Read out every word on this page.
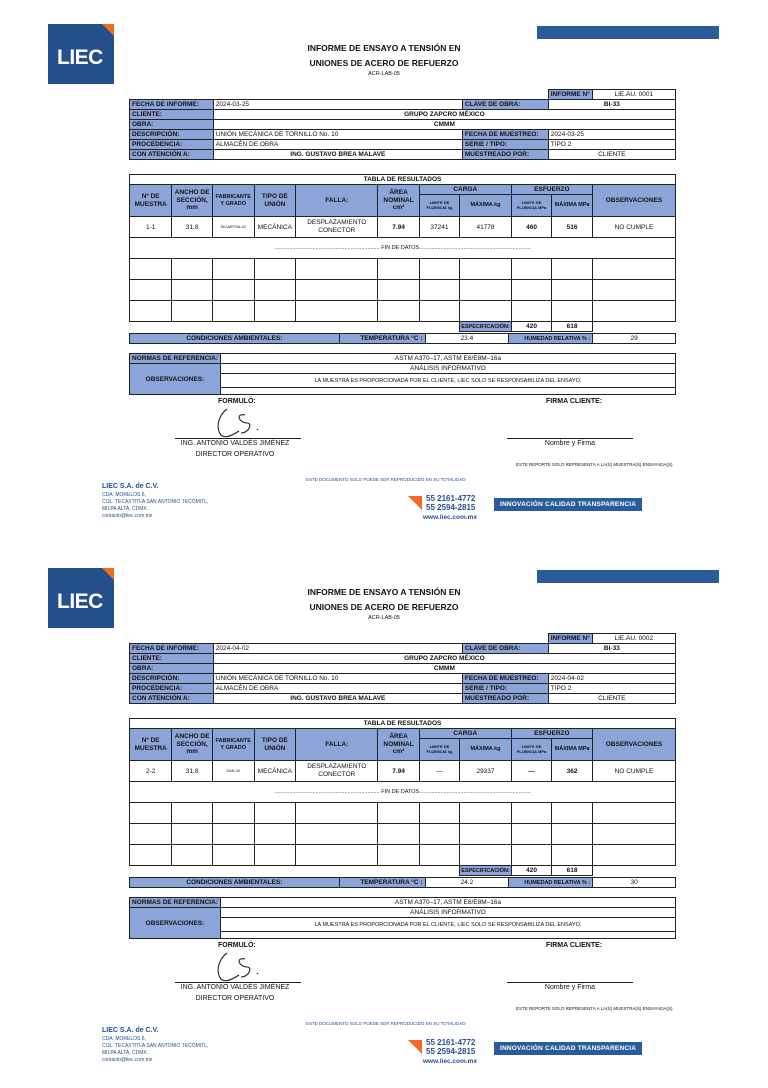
LIEC	INFORME DE ENSAYO A TENSIÓN EN
UNIONES DE ACERO DE REFUERZO
ACR-LAB-05
			INFORME Nº	LIE.AU. 0001
FECHA DE INFORME:	2024-03-25	CLAVE DE OBRA:	BI-33	
CLIENTE:	GRUPO ZAPCRO MÉXICO			
OBRA:	CMMM			
DESCRIPCIÓN:	UNIÓN MECÁNICA DE TORNILLO No. 10	FECHA DE MUESTREO:	2024-03-25	
PROCEDENCIA:	ALMACÉN DE OBRA	SERIE / TIPO:	TIPO 2	
CON ATENCIÓN A:	ING. GUSTAVO BREA MALAVE	MUESTREADO POR:	CLIENTE	
TABLA DE RESULTADOS										
Nº DE MUESTRA	ANCHO DE SECCIÓN, mm	FABRICANTE Y GRADO	TIPO DE UNIÓN	FALLA:	ÁREA NOMINAL cm²	CARGA		ESFUERZO		OBSERVACIONES
						LIMITE DE FLUENCIA kg	MÁXIMA kg	LIMITE DE FLUENCIA MPa	MÁXIMA MPa	
1-1	31.8	SICARTSA 42	MECÁNICA	DESPLAZAMIENTO CONECTOR	7.94	37241	41778	460	516	NO CUMPLE
..................................................................... FIN DE DATOS.........................................................................										

							ESPECIFICACIÓN:	420	618	
CONDICIONES AMBIENTALES:	TEMPERATURA °C :	23.4	HUMEDAD RELATIVA % :	29
NORMAS DE REFERENCIA:	ASTM A370–17, ASTM E8/E8M–16a
OBSERVACIONES:	ANÁLISIS INFORMATIVO
	LA MUESTRA ES PROPORCIONADA POR EL CLIENTE, LIEC SOLO SE RESPONSABILIZA DEL ENSAYO.

FORMULÓ:	FIRMA CLIENTE:
ING. ANTONIO VALDÉS JIMÉNEZ
DIRECTOR OPERATIVO
Nombre y Firma
ESTE REPORTE SOLO REPRESENTA A LA(S) MUESTRA(S) ENSAYADA(S)
ESTE DOCUMENTO SOLO PUEDE SER REPRODUCIDO EN SU TOTALIDAD
LIEC S.A. de C.V.
CDA. MORELOS 6,
COL. TECAXTITLA SAN ANTONIO TECÓMITL,
MILPA ALTA, CDMX.
contacto@liec.com.mx
55 2161-4772
55 2594-2815
www.liec.com.mx
INNOVACIÓN CALIDAD TRANSPARENCIA
LIEC	INFORME DE ENSAYO A TENSIÓN EN
UNIONES DE ACERO DE REFUERZO
ACR-LAB-05
			INFORME Nº	LIE.AU. 0002
FECHA DE INFORME:	2024-04-02	CLAVE DE OBRA:	BI-33	
CLIENTE:	GRUPO ZAPCRO MÉXICO			
OBRA:	CMMM			
DESCRIPCIÓN:	UNIÓN MECÁNICA DE TORNILLO No. 10	FECHA DE MUESTREO:	2024-04-02	
PROCEDENCIA:	ALMACÉN DE OBRA	SERIE / TIPO:	TIPO 2	
CON ATENCIÓN A:	ING. GUSTAVO BREA MALAVE	MUESTREADO POR:	CLIENTE	
TABLA DE RESULTADOS										
Nº DE MUESTRA	ANCHO DE SECCIÓN, mm	FABRICANTE Y GRADO	TIPO DE UNIÓN	FALLA:	ÁREA NOMINAL cm²	CARGA		ESFUERZO		OBSERVACIONES
						LIMITE DE FLUENCIA kg	MÁXIMA kg	LIMITE DE FLUENCIA MPa	MÁXIMA MPa	
2-2	31.8	SAN 42	MECÁNICA	DESPLAZAMIENTO CONECTOR	7.94	—	29337	—	362	NO CUMPLE
..................................................................... FIN DE DATOS.........................................................................										

							ESPECIFICACIÓN:	420	618	
CONDICIONES AMBIENTALES:	TEMPERATURA °C :	24.2	HUMEDAD RELATIVA % :	30
NORMAS DE REFERENCIA:	ASTM A370–17, ASTM E8/E8M–16a
OBSERVACIONES:	ANÁLISIS INFORMATIVO
	LA MUESTRA ES PROPORCIONADA POR EL CLIENTE, LIEC SOLO SE RESPONSABILIZA DEL ENSAYO.

FORMULÓ:	FIRMA CLIENTE:
ING. ANTONIO VALDÉS JIMÉNEZ
DIRECTOR OPERATIVO
Nombre y Firma
ESTE REPORTE SOLO REPRESENTA A LA(S) MUESTRA(S) ENSAYADA(S)
ESTE DOCUMENTO SOLO PUEDE SER REPRODUCIDO EN SU TOTALIDAD
LIEC S.A. de C.V.
CDA. MORELOS 6,
COL. TECAXTITLA SAN ANTONIO TECÓMITL,
MILPA ALTA, CDMX.
contacto@liec.com.mx
55 2161-4772
55 2594-2815
www.liec.com.mx
INNOVACIÓN CALIDAD TRANSPARENCIA
